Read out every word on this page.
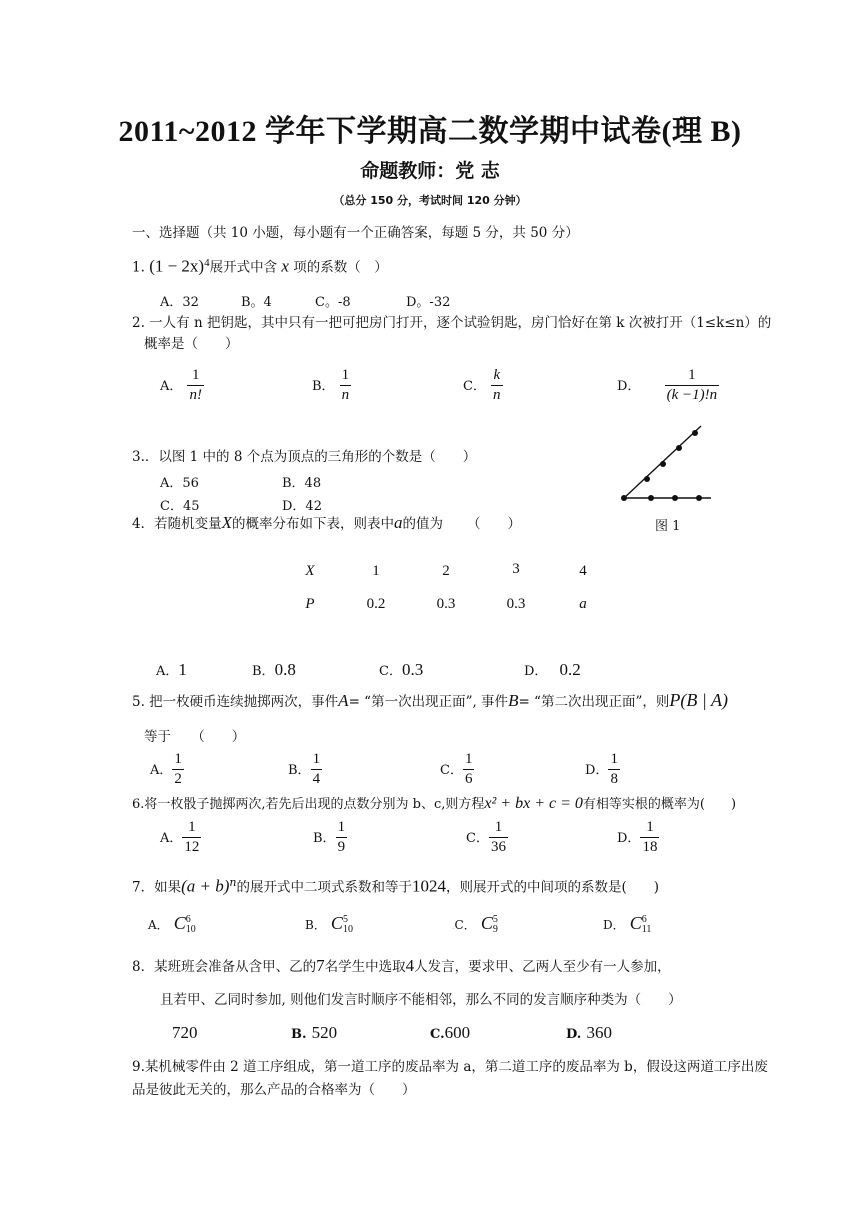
2011~2012 学年下学期高二数学期中试卷(理 B)
命题教师：党 志
（总分 150 分，考试时间 120 分钟）
一、选择题（共 10 小题，每小题有一个正确答案，每题 5 分，共 50 分）
1. $(1 - 2x)^4$展开式中含 x 项的系数（　）
A．32	B。4	C。-8	D。-32
2. 一人有 n 把钥匙，其中只有一把可把房门打开，逐个试验钥匙，房门恰好在第 k 次被打开（1≤k≤n）的
概率是（　　）
A． $\frac{1}{n!}$	B． $\frac{1}{n}$	C． $\frac{k}{n}$	D． $\frac{1}{(k -1)!n}$
3.．以图 1 中的 8 个点为顶点的三角形的个数是（　　）
A．56	B．48
C．45	D．42
图 1
4．若随机变量X的概率分布如下表，则表中a的值为 （　　）
X	1	2	3	4
P	0.2	0.3	0.3	a
A．1	B．0.8	C．0.3	D． 0.2
5. 把一枚硬币连续抛掷两次，事件A= “第一次出现正面”, 事件B= “第二次出现正面”，则P(B | A)
等于　　（　　）
A． $\frac{1}{2}$	B． $\frac{1}{4}$	C． $\frac{1}{6}$	D． $\frac{1}{8}$
6.将一枚骰子抛掷两次,若先后出现的点数分别为 b、c,则方程x² + bx + c = 0有相等实根的概率为(　　)
A． $\frac{1}{12}$	B． $\frac{1}{9}$	C． $\frac{1}{36}$	D． $\frac{1}{18}$
7．如果$(a + b)^n$的展开式中二项式系数和等于1024，则展开式的中间项的系数是(　　)
A． C 6
10	B． C 5
10	.C． C 5
9	D． C 6
11
8．某班班会准备从含甲、乙的7名学生中选取4人发言，要求甲、乙两人至少有一人参加，
且若甲、乙同时参加, 则他们发言时顺序不能相邻，那么不同的发言顺序种类为（　　）
720	B. 520	C.600	D. 360
9.某机械零件由 2 道工序组成，第一道工序的废品率为 a，第二道工序的废品率为 b，假设这两道工序出废
品是彼此无关的，那么产品的合格率为（　　）
